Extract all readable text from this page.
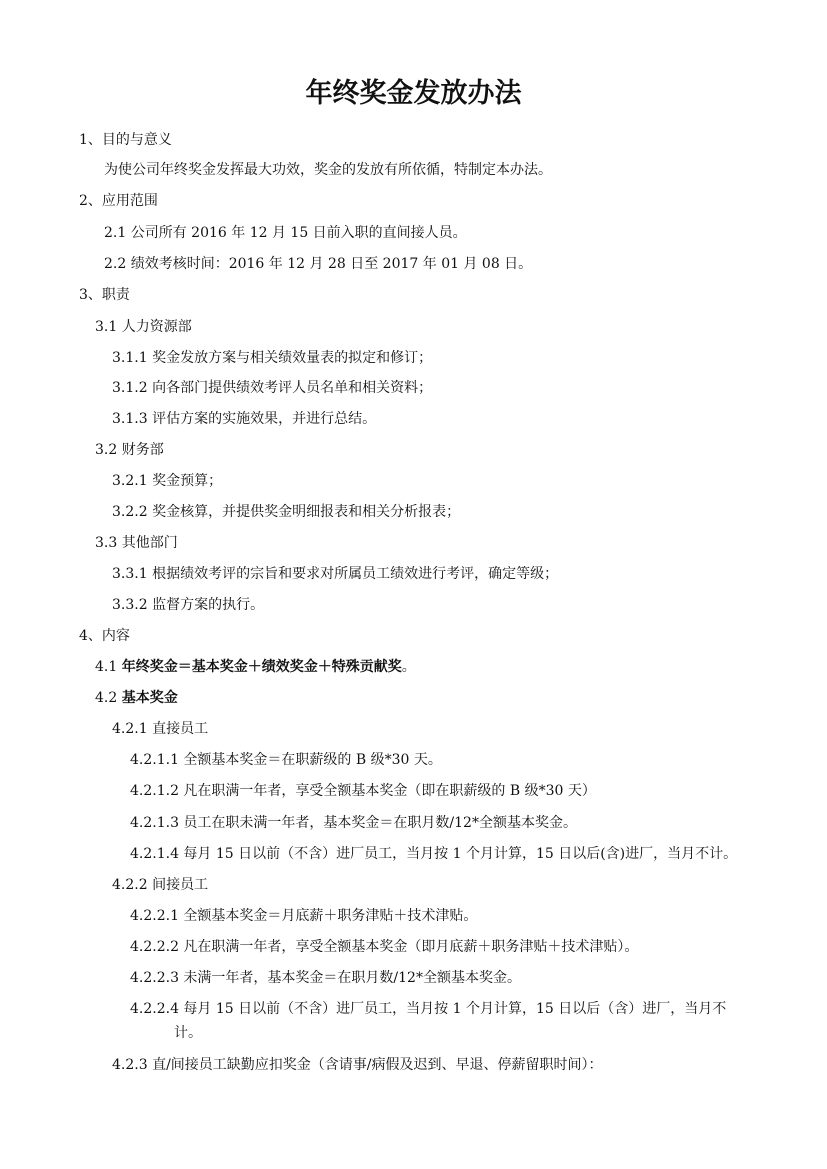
年终奖金发放办法
1、目的与意义
为使公司年终奖金发挥最大功效，奖金的发放有所依循，特制定本办法。
2、应用范围
2.1 公司所有 2016 年 12 月 15 日前入职的直间接人员。
2.2 绩效考核时间：2016 年 12 月 28 日至 2017 年 01 月 08 日。
3、职责
3.1 人力资源部
3.1.1 奖金发放方案与相关绩效量表的拟定和修订；
3.1.2 向各部门提供绩效考评人员名单和相关资料；
3.1.3 评估方案的实施效果，并进行总结。
3.2 财务部
3.2.1 奖金预算；
3.2.2 奖金核算，并提供奖金明细报表和相关分析报表；
3.3 其他部门
3.3.1 根据绩效考评的宗旨和要求对所属员工绩效进行考评，确定等级；
3.3.2 监督方案的执行。
4、内容
4.1 年终奖金＝基本奖金＋绩效奖金＋特殊贡献奖。
4.2 基本奖金
4.2.1 直接员工
4.2.1.1 全额基本奖金＝在职薪级的 B 级*30 天。
4.2.1.2 凡在职满一年者，享受全额基本奖金（即在职薪级的 B 级*30 天）
4.2.1.3 员工在职未满一年者，基本奖金＝在职月数/12*全额基本奖金。
4.2.1.4 每月 15 日以前（不含）进厂员工，当月按 1 个月计算，15 日以后(含)进厂，当月不计。
4.2.2 间接员工
4.2.2.1 全额基本奖金＝月底薪＋职务津贴＋技术津贴。
4.2.2.2 凡在职满一年者，享受全额基本奖金（即月底薪＋职务津贴＋技术津贴）。
4.2.2.3 未满一年者，基本奖金＝在职月数/12*全额基本奖金。
4.2.2.4 每月 15 日以前（不含）进厂员工，当月按 1 个月计算，15 日以后（含）进厂，当月不
计。
4.2.3 直/间接员工缺勤应扣奖金（含请事/病假及迟到、早退、停薪留职时间）：
